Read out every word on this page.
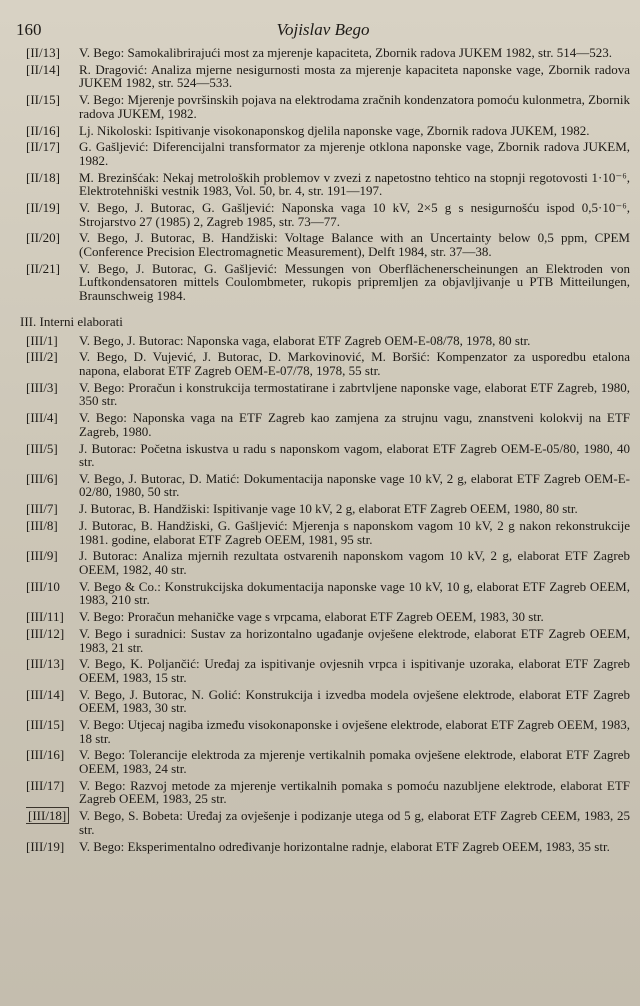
160	Vojislav Bego
[II/13]	V. Bego: Samokalibrirajući most za mjerenje kapaciteta, Zbornik radova JUKEM 1982, str. 514—523.
[II/14]	R. Dragović: Analiza mjerne nesigurnosti mosta za mjerenje kapaciteta naponske vage, Zbornik radova JUKEM 1982, str. 524—533.
[II/15]	V. Bego: Mjerenje površinskih pojava na elektrodama zračnih kondenzatora pomoću kulonmetra, Zbornik radova JUKEM, 1982.
[II/16]	Lj. Nikoloski: Ispitivanje visokonaponskog djelila naponske vage, Zbornik radova JUKEM, 1982.
[II/17]	G. Gašljević: Diferencijalni transformator za mjerenje otklona naponske vage, Zbornik radova JUKEM, 1982.
[II/18]	M. Brezinšćak: Nekaj metroloških problemov v zvezi z napetostno tehtico na stopnji regotovosti 1·10⁻⁶, Elektrotehniški vestnik 1983, Vol. 50, br. 4, str. 191—197.
[II/19]	V. Bego, J. Butorac, G. Gašljević: Naponska vaga 10 kV, 2×5 g s nesigurnošću ispod 0,5·10⁻⁶, Strojarstvo 27 (1985) 2, Zagreb 1985, str. 73—77.
[II/20]	V. Bego, J. Butorac, B. Handžiski: Voltage Balance with an Uncertainty below 0,5 ppm, CPEM (Conference Precision Electromagnetic Measurement), Delft 1984, str. 37—38.
[II/21]	V. Bego, J. Butorac, G. Gašljević: Messungen von Oberflächenerscheinungen an Elektroden von Luftkondensatoren mittels Coulombmeter, rukopis pripremljen za objavljivanje u PTB Mitteilungen, Braunschweig 1984.
III. Interni elaborati
[III/1]	V. Bego, J. Butorac: Naponska vaga, elaborat ETF Zagreb OEM-E-08/78, 1978, 80 str.
[III/2]	V. Bego, D. Vujević, J. Butorac, D. Markovinović, M. Boršić: Kompenzator za usporedbu etalona napona, elaborat ETF Zagreb OEM-E-07/78, 1978, 55 str.
[III/3]	V. Bego: Proračun i konstrukcija termostatirane i zabrtvljene naponske vage, elaborat ETF Zagreb, 1980, 350 str.
[III/4]	V. Bego: Naponska vaga na ETF Zagreb kao zamjena za strujnu vagu, znanstveni kolokvij na ETF Zagreb, 1980.
[III/5]	J. Butorac: Početna iskustva u radu s naponskom vagom, elaborat ETF Zagreb OEM-E-05/80, 1980, 40 str.
[III/6]	V. Bego, J. Butorac, D. Matić: Dokumentacija naponske vage 10 kV, 2 g, elaborat ETF Zagreb OEM-E-02/80, 1980, 50 str.
[III/7]	J. Butorac, B. Handžiski: Ispitivanje vage 10 kV, 2 g, elaborat ETF Zagreb OEEM, 1980, 80 str.
[III/8]	J. Butorac, B. Handžiski, G. Gašljević: Mjerenja s naponskom vagom 10 kV, 2 g nakon rekonstrukcije 1981. godine, elaborat ETF Zagreb OEEM, 1981, 95 str.
[III/9]	J. Butorac: Analiza mjernih rezultata ostvarenih naponskom vagom 10 kV, 2 g, elaborat ETF Zagreb OEEM, 1982, 40 str.
[III/10	V. Bego & Co.: Konstrukcijska dokumentacija naponske vage 10 kV, 10 g, elaborat ETF Zagreb OEEM, 1983, 210 str.
[III/11]	V. Bego: Proračun mehaničke vage s vrpcama, elaborat ETF Zagreb OEEM, 1983, 30 str.
[III/12]	V. Bego i suradnici: Sustav za horizontalno ugađanje ovješene elektrode, elaborat ETF Zagreb OEEM, 1983, 21 str.
[III/13]	V. Bego, K. Poljančić: Uređaj za ispitivanje ovjesnih vrpca i ispitivanje uzoraka, elaborat ETF Zagreb OEEM, 1983, 15 str.
[III/14]	V. Bego, J. Butorac, N. Golić: Konstrukcija i izvedba modela ovješene elektrode, elaborat ETF Zagreb OEEM, 1983, 30 str.
[III/15]	V. Bego: Utjecaj nagiba između visokonaponske i ovješene elektrode, elaborat ETF Zagreb OEEM, 1983, 18 str.
[III/16]	V. Bego: Tolerancije elektroda za mjerenje vertikalnih pomaka ovješene elektrode, elaborat ETF Zagreb OEEM, 1983, 24 str.
[III/17]	V. Bego: Razvoj metode za mjerenje vertikalnih pomaka s pomoću nazubljene elektrode, elaborat ETF Zagreb OEEM, 1983, 25 str.
[III/18] V. Bego, S. Bobeta: Uređaj za ovješenje i podizanje utega od 5 g, elaborat ETF Zagreb CEEM, 1983, 25 str.
[III/19]	V. Bego: Eksperimentalno određivanje horizontalne radnje, elaborat ETF Zagreb OEEM, 1983, 35 str.
